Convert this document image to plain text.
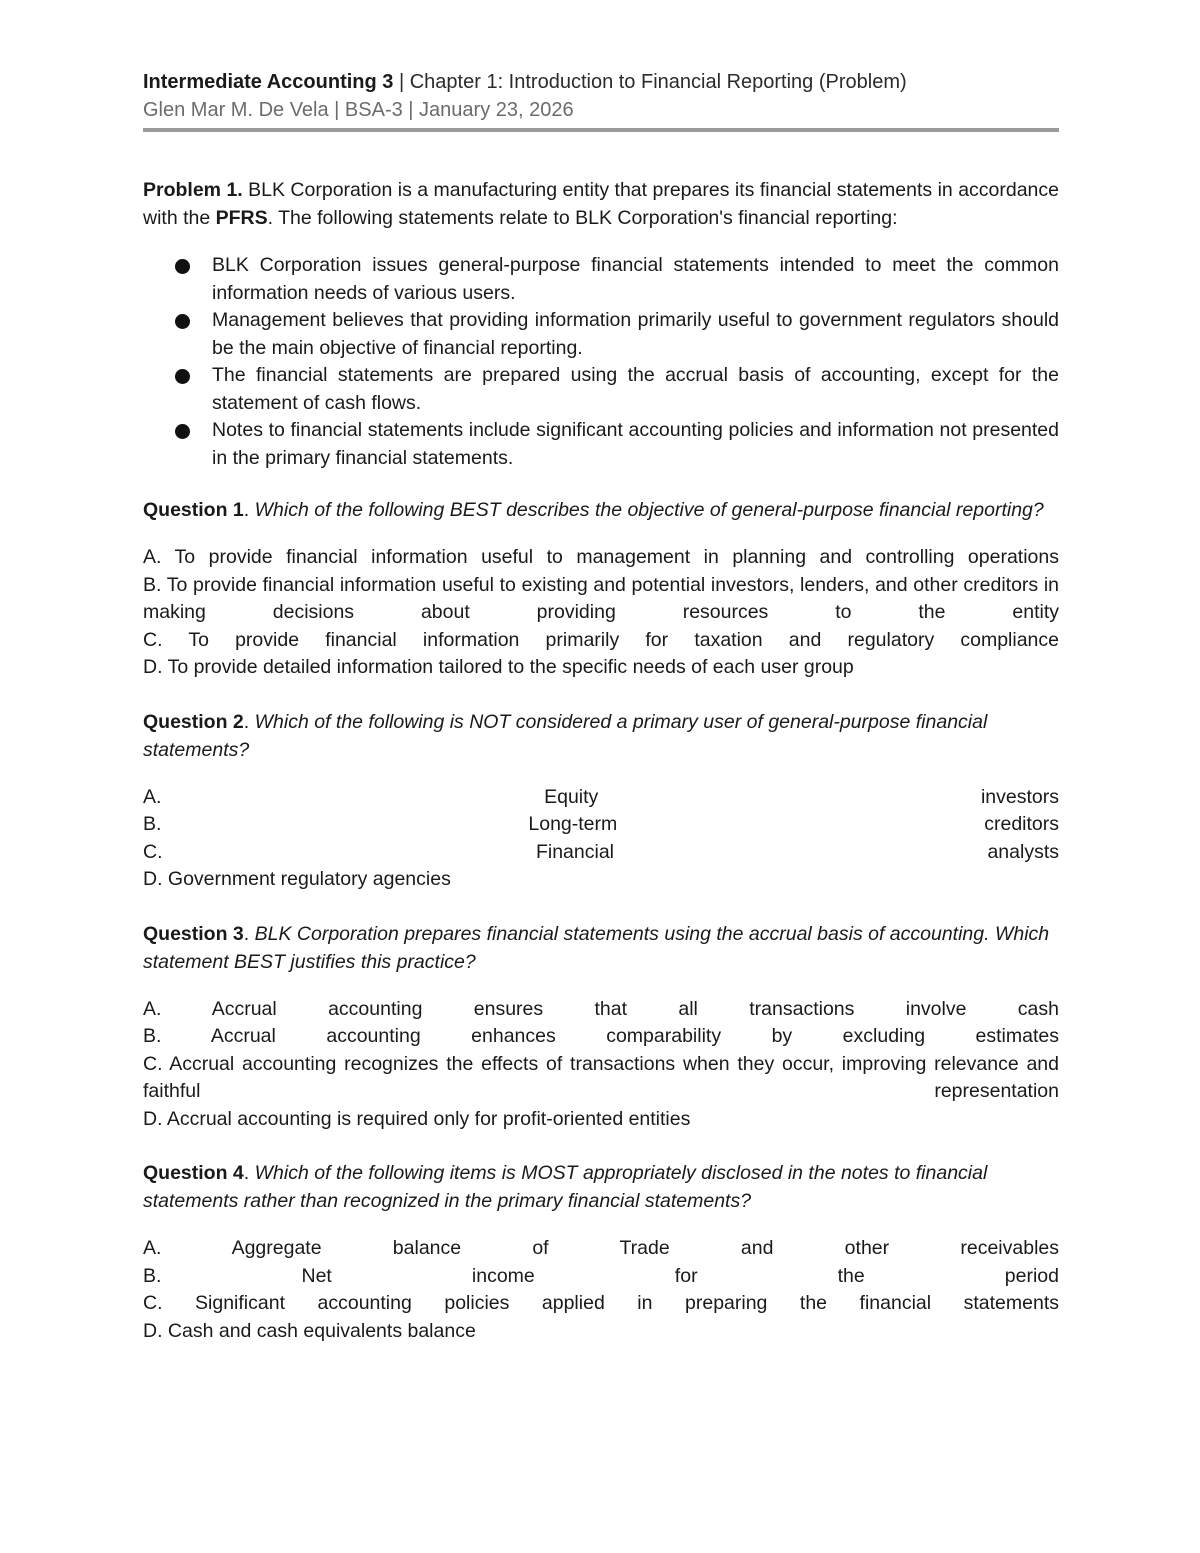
Intermediate Accounting 3 | Chapter 1: Introduction to Financial Reporting (Problem)
Glen Mar M. De Vela | BSA-3 | January 23, 2026

Problem 1. BLK Corporation is a manufacturing entity that prepares its financial statements in accordance with the PFRS. The following statements relate to BLK Corporation's financial reporting:

BLK Corporation issues general-purpose financial statements intended to meet the common information needs of various users.
Management believes that providing information primarily useful to government regulators should be the main objective of financial reporting.
The financial statements are prepared using the accrual basis of accounting, except for the statement of cash flows.
Notes to financial statements include significant accounting policies and information not presented in the primary financial statements.

Question 1. Which of the following BEST describes the objective of general-purpose financial reporting?

A. To provide financial information useful to management in planning and controlling operations

B. To provide financial information useful to existing and potential investors, lenders, and other creditors in making decisions about providing resources to the entity

C. To provide financial information primarily for taxation and regulatory compliance

D. To provide detailed information tailored to the specific needs of each user group

Question 2. Which of the following is NOT considered a primary user of general-purpose financial statements?

A. Equity investors

B. Long-term creditors

C. Financial analysts

D. Government regulatory agencies

Question 3. BLK Corporation prepares financial statements using the accrual basis of accounting. Which statement BEST justifies this practice?

A. Accrual accounting ensures that all transactions involve cash

B. Accrual accounting enhances comparability by excluding estimates

C. Accrual accounting recognizes the effects of transactions when they occur, improving relevance and faithful representation

D. Accrual accounting is required only for profit-oriented entities

Question 4. Which of the following items is MOST appropriately disclosed in the notes to financial statements rather than recognized in the primary financial statements?

A. Aggregate balance of Trade and other receivables

B. Net income for the period

C. Significant accounting policies applied in preparing the financial statements

D. Cash and cash equivalents balance
